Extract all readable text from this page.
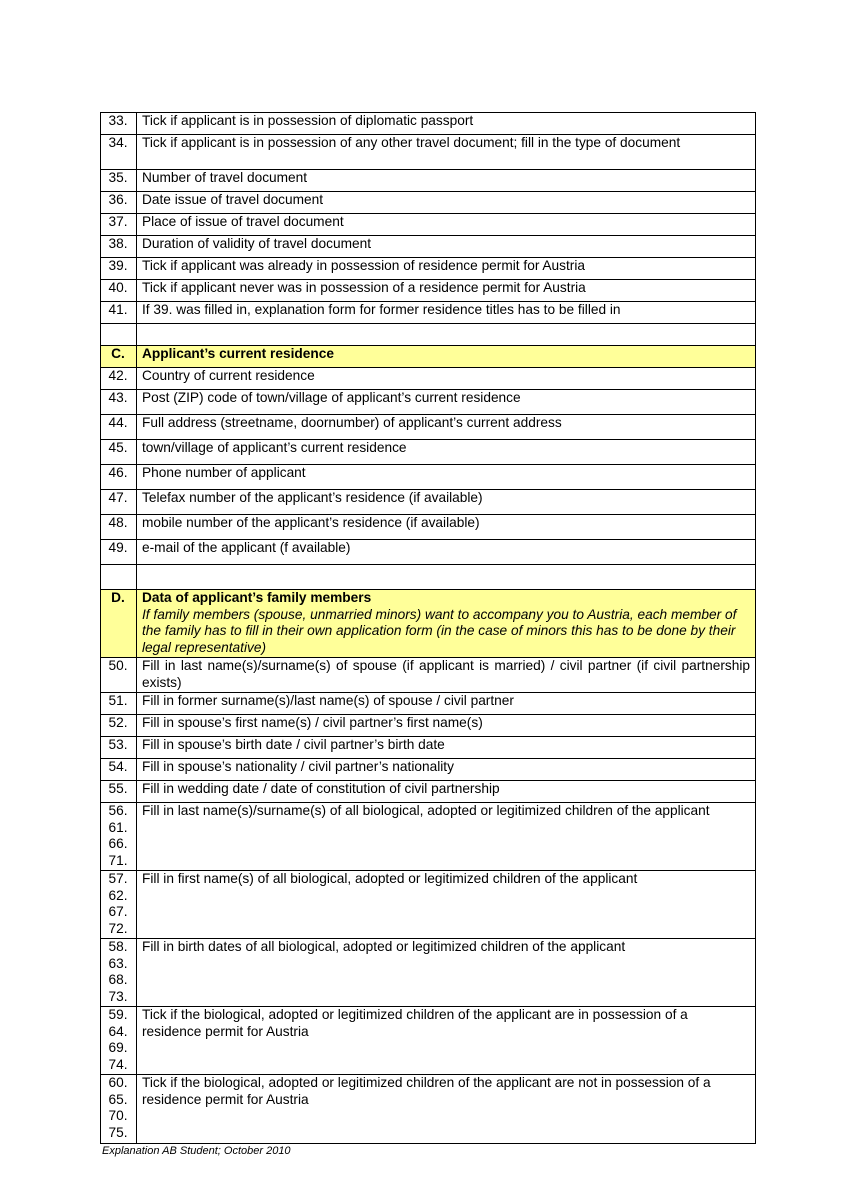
33.	Tick if applicant is in possession of diplomatic passport

34.	Tick if applicant is in possession of any other travel document; fill in the type of document

35.	Number of travel document

36.	Date issue of travel document

37.	Place of issue of travel document

38.	Duration of validity of travel document

39.	Tick if applicant was already in possession of residence permit for Austria

40.	Tick if applicant never was in possession of a residence permit for Austria

41.	If 39. was filled in, explanation form for former residence titles has to be filled in

C.	Applicant’s current residence

42.	Country of current residence

43.	Post (ZIP) code of town/village of applicant’s current residence

44.	Full address (streetname, doornumber) of applicant’s current address

45.	town/village of applicant’s current residence

46.	Phone number of applicant

47.	Telefax number of the applicant’s residence (if available)

48.	mobile number of the applicant’s residence (if available)

49.	e-mail of the applicant (f available)

D.	Data of applicant’s family members
If family members (spouse, unmarried minors) want to accompany you to Austria, each member of the family has to fill in their own application form (in the case of minors this has to be done by their legal representative)

50.	Fill in last name(s)/surname(s) of spouse (if applicant is married) / civil partner (if civil partnership exists)

51.	Fill in former surname(s)/last name(s) of spouse / civil partner

52.	Fill in spouse’s first name(s) / civil partner’s first name(s)

53.	Fill in spouse’s birth date / civil partner’s birth date

54.	Fill in spouse’s nationality / civil partner’s nationality

55.	Fill in wedding date / date of constitution of civil partnership

56.
61.
66.
71.	Fill in last name(s)/surname(s) of all biological, adopted or legitimized children of the applicant

57.
62.
67.
72.	Fill in first name(s) of all biological, adopted or legitimized children of the applicant

58.
63.
68.
73.	Fill in birth dates of all biological, adopted or legitimized children of the applicant

59.
64.
69.
74.	Tick if the biological, adopted or legitimized children of the applicant are in possession of a residence permit for Austria

60.
65.
70.
75.	Tick if the biological, adopted or legitimized children of the applicant are not in possession of a residence permit for Austria
Explanation AB Student; October 2010
